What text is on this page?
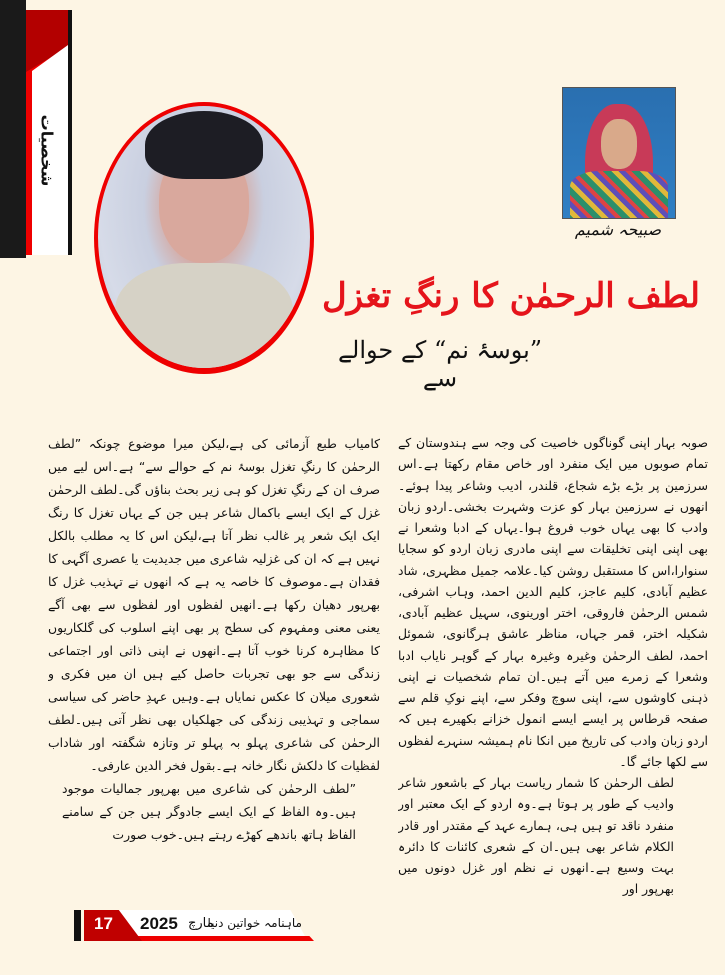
شخصیات
صبیحہ شمیم
لطف الرحمٰن کا رنگِ تغزل
”بوسۂ نم“ کے حوالے سے

صوبہ بہار اپنی گوناگوں خاصیت کی وجہ سے ہندوستان کے تمام صوبوں میں ایک منفرد اور خاص مقام رکھتا ہے۔اس سرزمین پر بڑے بڑے شجاع، قلندر، ادیب وشاعر پیدا ہوئے۔انھوں نے سرزمین بہار کو عزت وشہرت بخشی۔اردو زبان وادب کا بھی یہاں خوب فروغ ہوا۔یہاں کے ادبا وشعرا نے بھی اپنی اپنی تخلیقات سے اپنی مادری زبان اردو کو سجایا سنوارا،اس کا مستقبل روشن کیا۔علامہ جمیل مظہری، شاد عظیم آبادی، کلیم عاجز، کلیم الدین احمد، وہاب اشرفی، شمس الرحمٰن فاروقی، اختر اورینوی، سہیل عظیم آبادی، شکیلہ اختر، قمر جہاں، مناظر عاشق ہرگانوی، شموئل احمد، لطف الرحمٰن وغیرہ وغیرہ بہار کے گوہر نایاب ادبا وشعرا کے زمرے میں آتے ہیں۔ان تمام شخصیات نے اپنی ذہنی کاوشوں سے، اپنی سوچ وفکر سے، اپنے نوکِ قلم سے صفحہ قرطاس پر ایسے ایسے انمول خزانے بکھیرے ہیں کہ اردو زبان وادب کی تاریخ میں انکا نام ہمیشہ سنہرے لفظوں سے لکھا جائے گا۔

لطف الرحمٰن کا شمار ریاست بہار کے باشعور شاعر وادیب کے طور پر ہوتا ہے۔وہ اردو کے ایک معتبر اور منفرد ناقد تو ہیں ہی، ہمارے عہد کے مقتدر اور قادر الکلام شاعر بھی ہیں۔ان کے شعری کائنات کا دائرہ بہت وسیع ہے۔انھوں نے نظم اور غزل دونوں میں بھرپور اور

کامیاب طبع آزمائی کی ہے،لیکن میرا موضوع چونکہ ”لطف الرحمٰن کا رنگِ تغزل بوسۂ نم کے حوالے سے“ ہے۔اس لیے میں صرف ان کے رنگِ تغزل کو ہی زیر بحث بناؤں گی۔لطف الرحمٰن غزل کے ایک ایسے باکمال شاعر ہیں جن کے یہاں تغزل کا رنگ ایک ایک شعر پر غالب نظر آتا ہے،لیکن اس کا یہ مطلب بالکل نہیں ہے کہ ان کی غزلیہ شاعری میں جدیدیت یا عصری آگہی کا فقدان ہے۔موصوف کا خاصہ یہ ہے کہ انھوں نے تہذیب غزل کا بھرپور دھیان رکھا ہے۔انھیں لفظوں اور لفظوں سے بھی آگے یعنی معنی ومفہوم کی سطح پر بھی اپنے اسلوب کی گلکاریوں کا مظاہرہ کرنا خوب آتا ہے۔انھوں نے اپنی ذاتی اور اجتماعی زندگی سے جو بھی تجربات حاصل کیے ہیں ان میں فکری و شعوری میلان کا عکس نمایاں ہے۔وہیں عہدِ حاضر کی سیاسی سماجی و تہذیبی زندگی کی جھلکیاں بھی نظر آتی ہیں۔لطف الرحمٰن کی شاعری پہلو بہ پہلو تر وتازہ شگفتہ اور شاداب لفظیات کا دلکش نگار خانہ ہے۔بقول فخر الدین عارفی۔

”لطف الرحمٰن کی شاعری میں بھرپور جمالیات موجود ہیں۔وہ الفاظ کے ایک ایسے جادوگر ہیں جن کے سامنے الفاظ ہاتھ باندھے کھڑے رہتے ہیں۔خوب صورت

17 2025 مارچ
ماہنامہ خواتین دنیا
